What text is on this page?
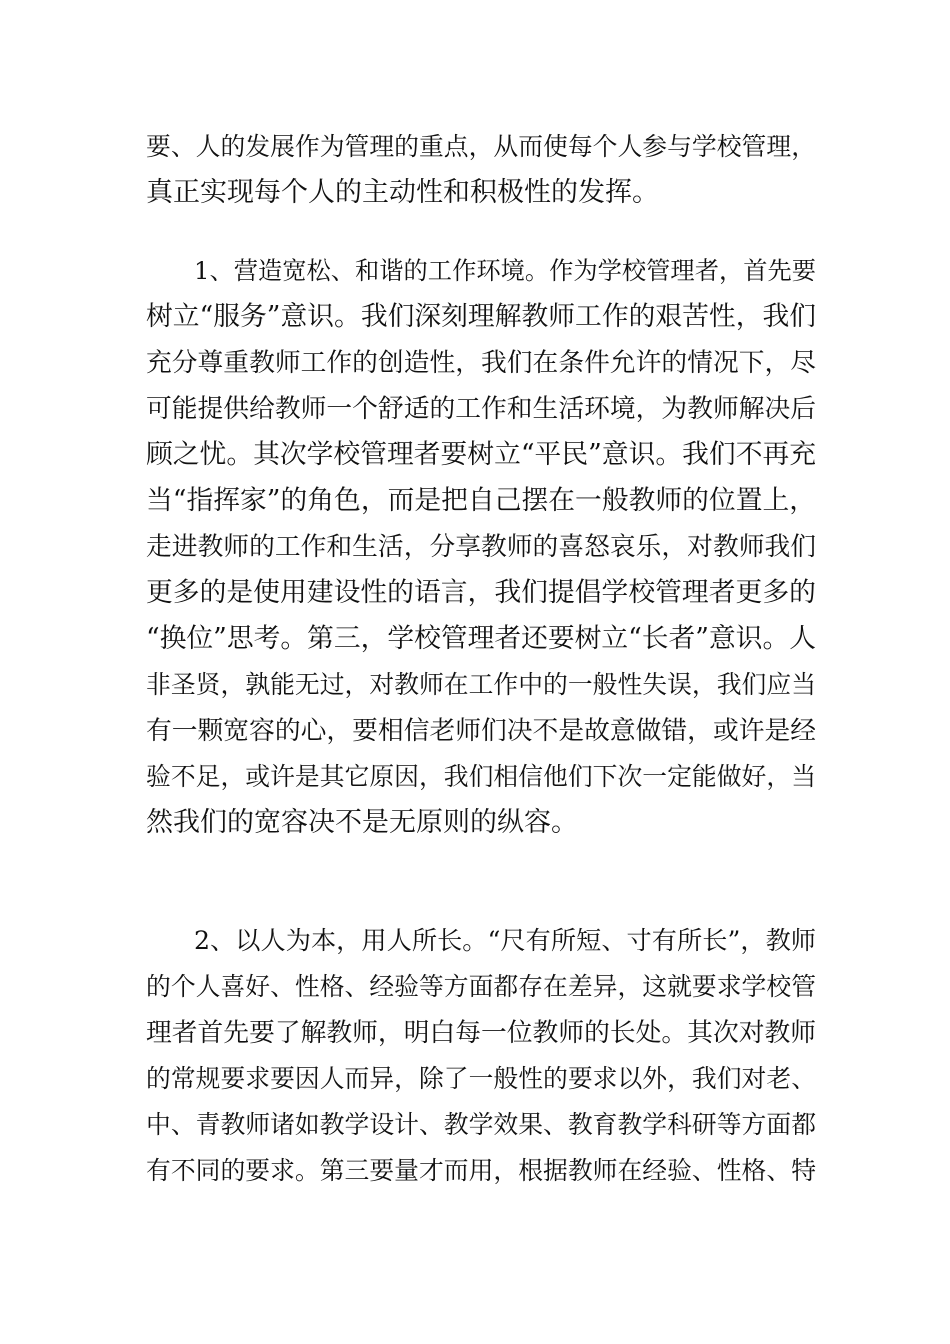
要、人的发展作为管理的重点，从而使每个人参与学校管理，
真正实现每个人的主动性和积极性的发挥。
1、营造宽松、和谐的工作环境。作为学校管理者，首先要
树立“服务”意识。我们深刻理解教师工作的艰苦性，我们
充分尊重教师工作的创造性，我们在条件允许的情况下，尽
可能提供给教师一个舒适的工作和生活环境，为教师解决后
顾之忧。其次学校管理者要树立“平民”意识。我们不再充
当“指挥家”的角色，而是把自己摆在一般教师的位置上，
走进教师的工作和生活，分享教师的喜怒哀乐，对教师我们
更多的是使用建设性的语言，我们提倡学校管理者更多的
“换位”思考。第三，学校管理者还要树立“长者”意识。人
非圣贤，孰能无过，对教师在工作中的一般性失误，我们应当
有一颗宽容的心，要相信老师们决不是故意做错，或许是经
验不足，或许是其它原因，我们相信他们下次一定能做好，当
然我们的宽容决不是无原则的纵容。
2、以人为本，用人所长。“尺有所短、寸有所长”，教师
的个人喜好、性格、经验等方面都存在差异，这就要求学校管
理者首先要了解教师，明白每一位教师的长处。其次对教师
的常规要求要因人而异，除了一般性的要求以外，我们对老、
中、青教师诸如教学设计、教学效果、教育教学科研等方面都
有不同的要求。第三要量才而用，根据教师在经验、性格、特
